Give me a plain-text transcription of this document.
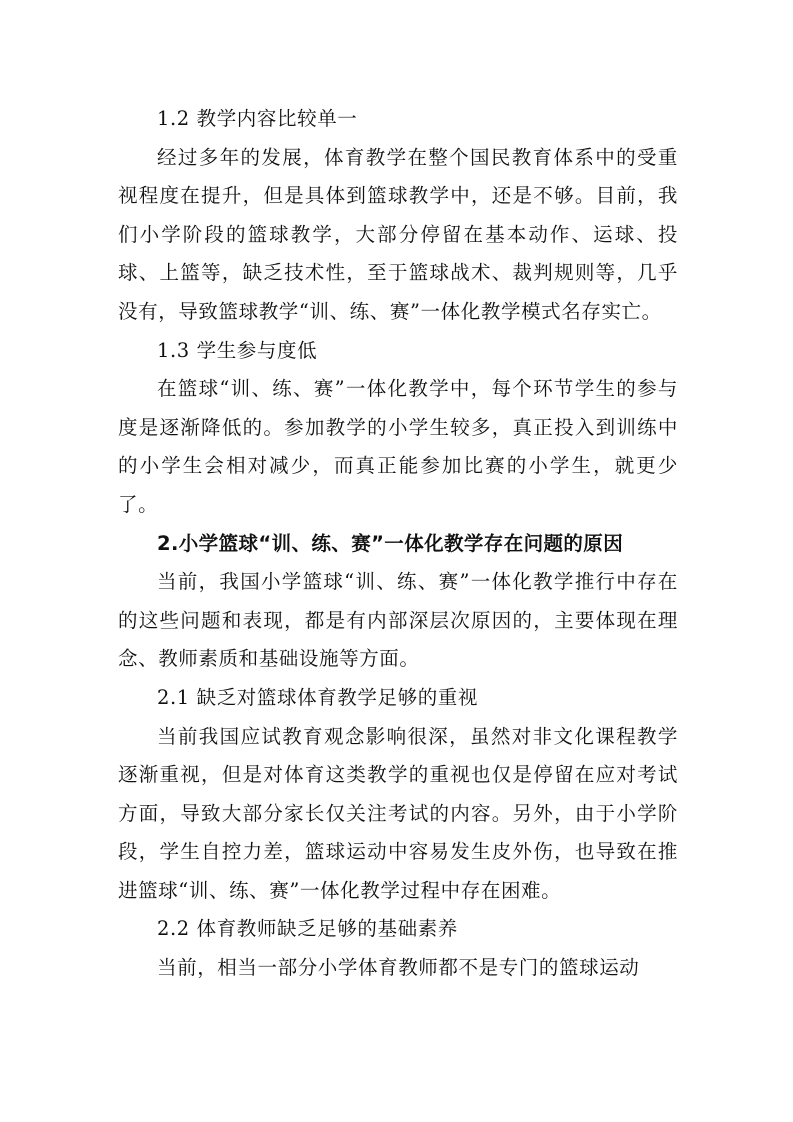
1.2 教学内容比较单一

经过多年的发展，体育教学在整个国民教育体系中的受重视程度在提升，但是具体到篮球教学中，还是不够。目前，我们小学阶段的篮球教学，大部分停留在基本动作、运球、投球、上篮等，缺乏技术性，至于篮球战术、裁判规则等，几乎没有，导致篮球教学“训、练、赛”一体化教学模式名存实亡。

1.3 学生参与度低

在篮球“训、练、赛”一体化教学中，每个环节学生的参与度是逐渐降低的。参加教学的小学生较多，真正投入到训练中的小学生会相对减少，而真正能参加比赛的小学生，就更少了。

2.小学篮球“训、练、赛”一体化教学存在问题的原因

当前，我国小学篮球“训、练、赛”一体化教学推行中存在的这些问题和表现，都是有内部深层次原因的，主要体现在理念、教师素质和基础设施等方面。

2.1 缺乏对篮球体育教学足够的重视

当前我国应试教育观念影响很深，虽然对非文化课程教学逐渐重视，但是对体育这类教学的重视也仅是停留在应对考试方面，导致大部分家长仅关注考试的内容。另外，由于小学阶段，学生自控力差，篮球运动中容易发生皮外伤，也导致在推进篮球“训、练、赛”一体化教学过程中存在困难。

2.2 体育教师缺乏足够的基础素养

当前，相当一部分小学体育教师都不是专门的篮球运动
